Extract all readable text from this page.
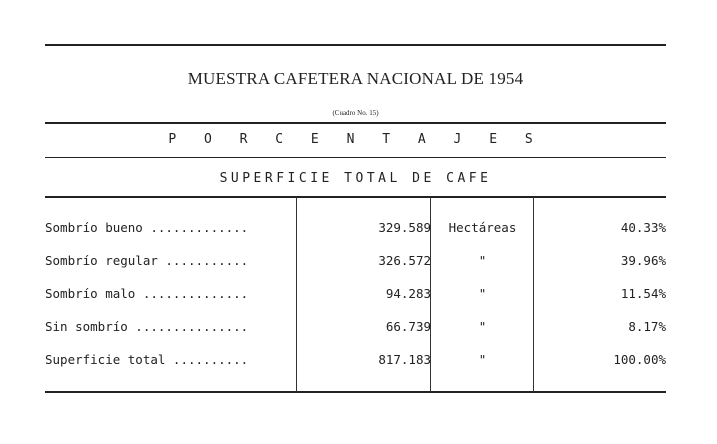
MUESTRA CAFETERA NACIONAL DE 1954
(Cuadro No. 15)
P O R C E N T A J E S
SUPERFICIE TOTAL DE CAFE
Sombrío bueno .............	329.589	Hectáreas	40.33%
Sombrío regular ...........	326.572	"	39.96%
Sombrío malo ..............	94.283	"	11.54%
Sin sombrío ...............	66.739	"	8.17%
Superficie total ..........	817.183	"	100.00%
